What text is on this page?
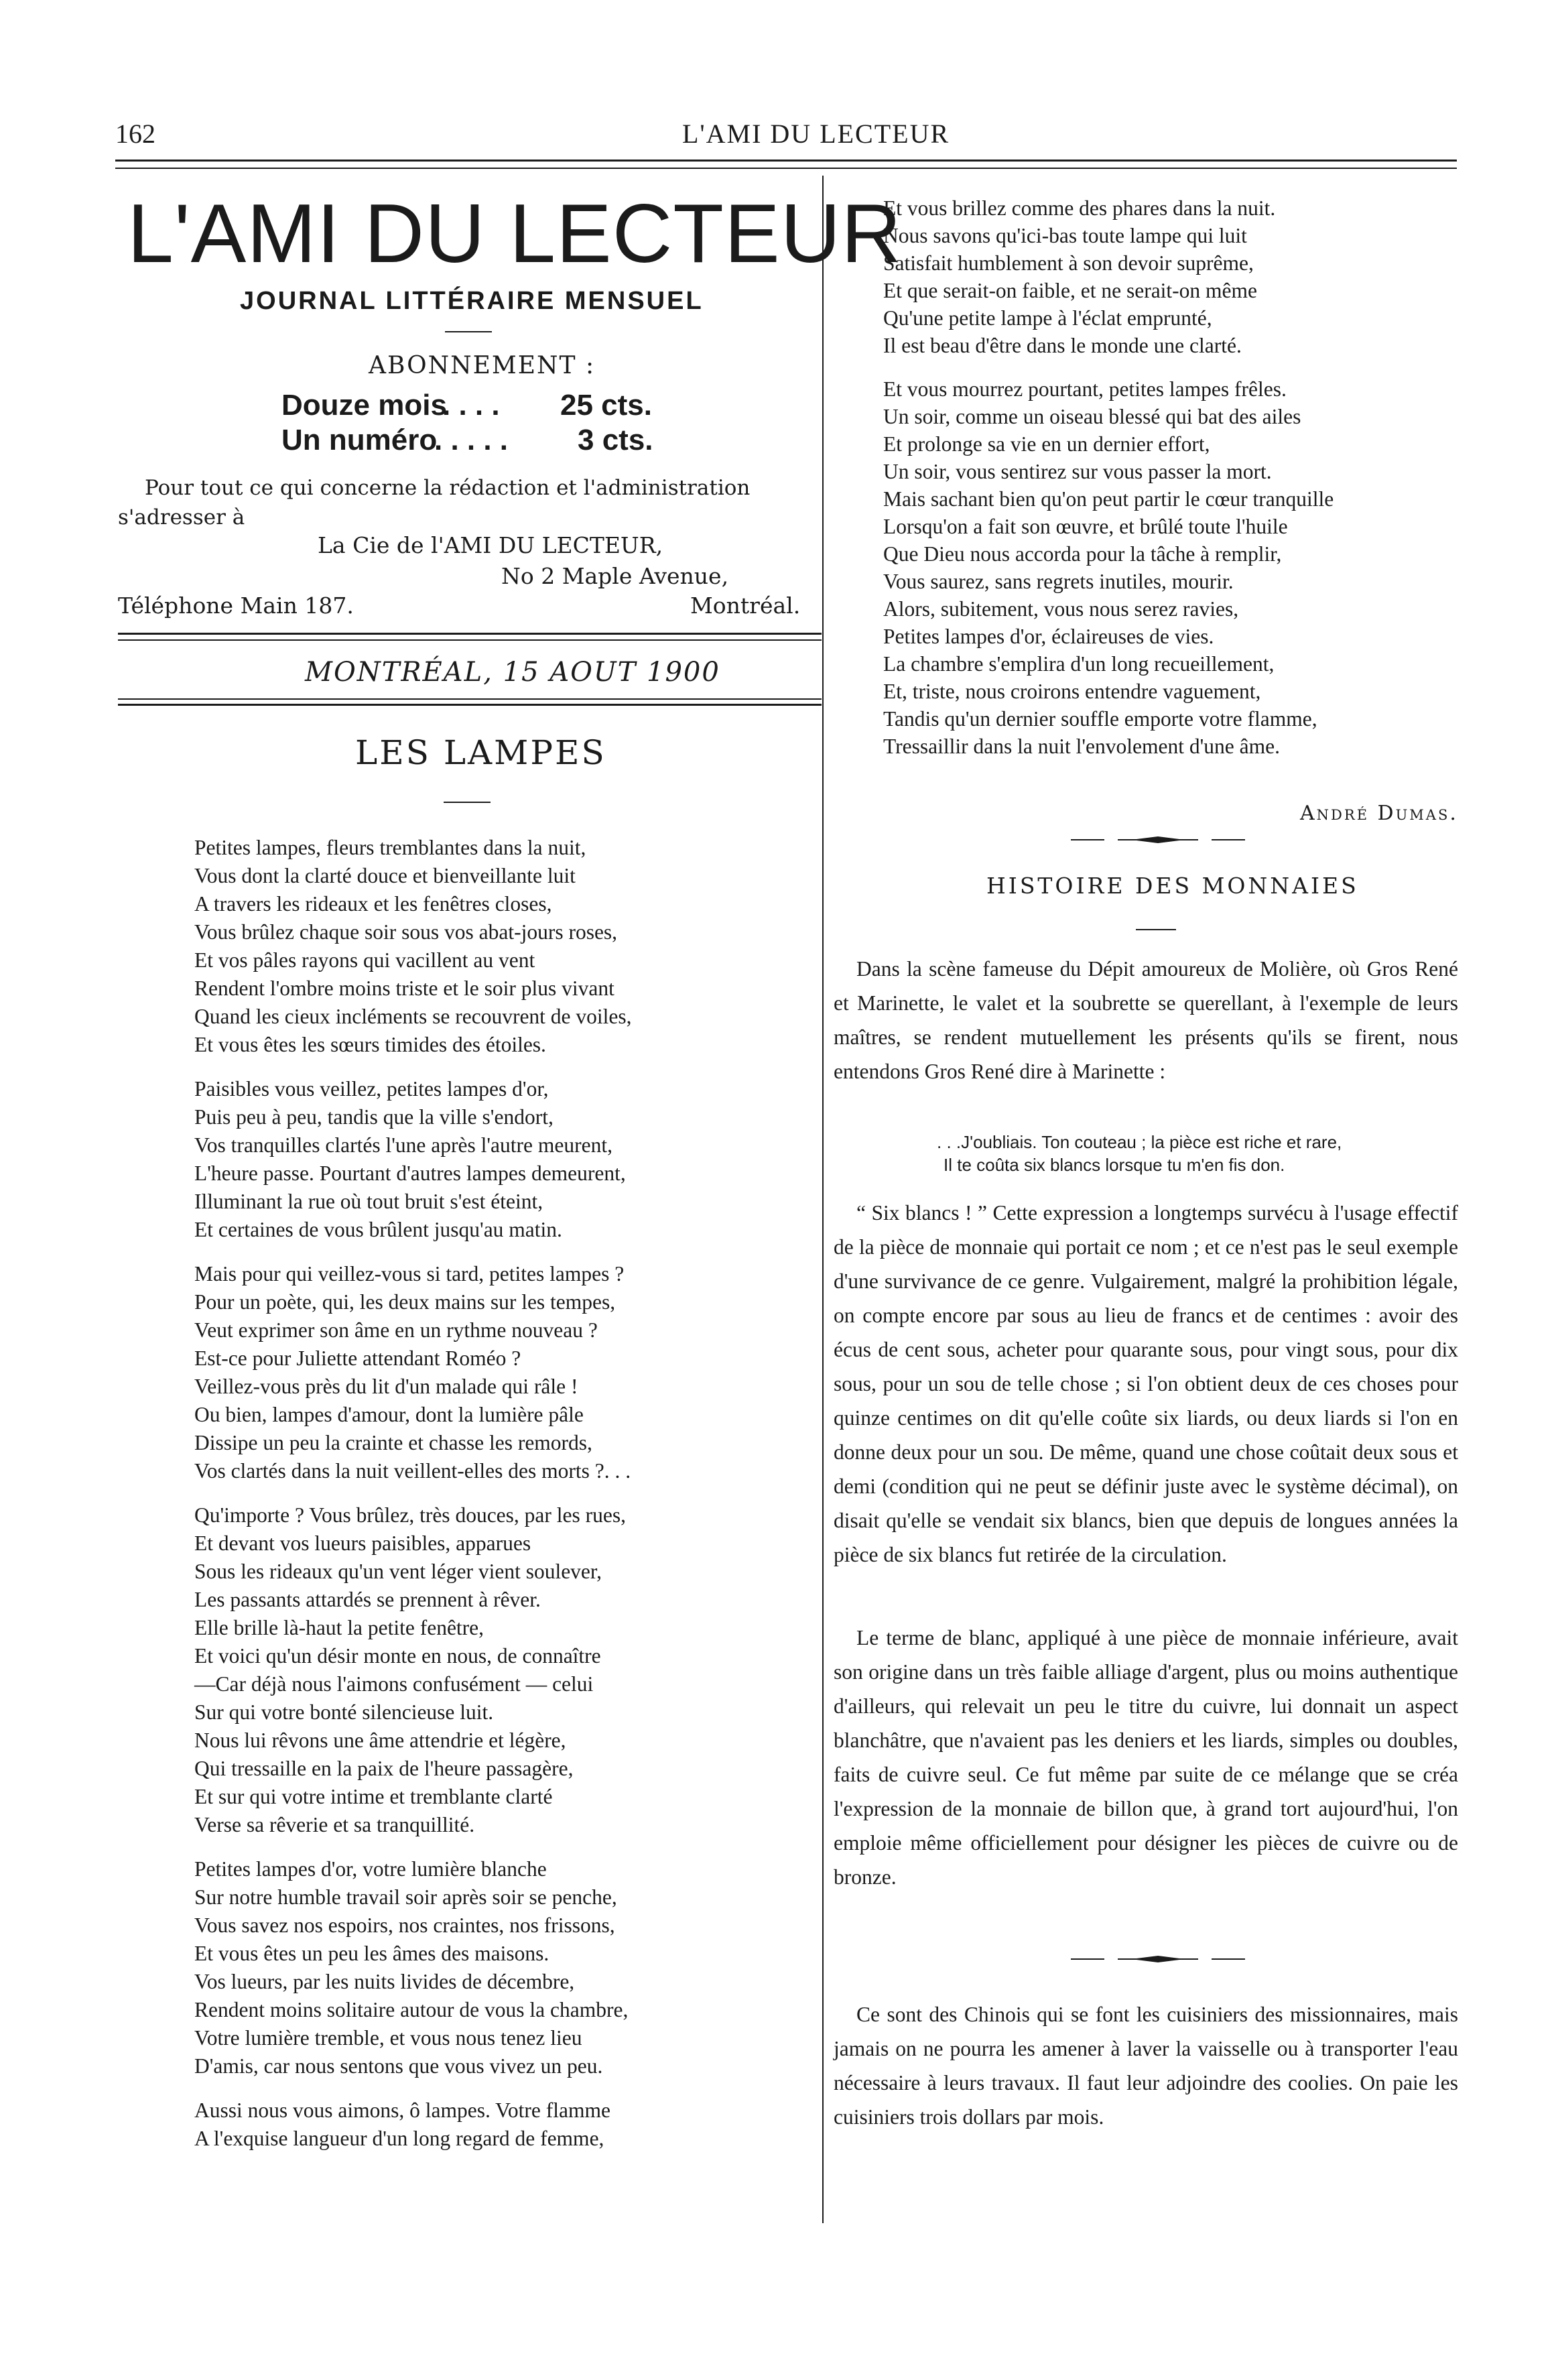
162	L'AMI DU LECTEUR
L'AMI DU LECTEUR
JOURNAL LITTÉRAIRE MENSUEL
ABONNEMENT :
Douze mois
. . . . 25 cts.
Un numéro
. . . . . 3 cts.
Pour tout ce qui concerne la rédaction et l'administration s'adresser à
La Cie de l'AMI DU LECTEUR,
No 2 Maple Avenue,
Téléphone Main 187.	Montréal.
MONTRÉAL, 15 AOUT 1900
LES LAMPES
Petites lampes, fleurs tremblantes dans la nuit,
Vous dont la clarté douce et bienveillante luit
A travers les rideaux et les fenêtres closes,
Vous brûlez chaque soir sous vos abat-jours roses,
Et vos pâles rayons qui vacillent au vent
Rendent l'ombre moins triste et le soir plus vivant
Quand les cieux incléments se recouvrent de voiles,
Et vous êtes les sœurs timides des étoiles.
Paisibles vous veillez, petites lampes d'or,
Puis peu à peu, tandis que la ville s'endort,
Vos tranquilles clartés l'une après l'autre meurent,
L'heure passe. Pourtant d'autres lampes demeurent,
Illuminant la rue où tout bruit s'est éteint,
Et certaines de vous brûlent jusqu'au matin.
Mais pour qui veillez-vous si tard, petites lampes ?
Pour un poète, qui, les deux mains sur les tempes,
Veut exprimer son âme en un rythme nouveau ?
Est-ce pour Juliette attendant Roméo ?
Veillez-vous près du lit d'un malade qui râle !
Ou bien, lampes d'amour, dont la lumière pâle
Dissipe un peu la crainte et chasse les remords,
Vos clartés dans la nuit veillent-elles des morts ?. . .
Qu'importe ? Vous brûlez, très douces, par les rues,
Et devant vos lueurs paisibles, apparues
Sous les rideaux qu'un vent léger vient soulever,
Les passants attardés se prennent à rêver.
Elle brille là-haut la petite fenêtre,
Et voici qu'un désir monte en nous, de connaître
—Car déjà nous l'aimons confusément — celui
Sur qui votre bonté silencieuse luit.
Nous lui rêvons une âme attendrie et légère,
Qui tressaille en la paix de l'heure passagère,
Et sur qui votre intime et tremblante clarté
Verse sa rêverie et sa tranquillité.
Petites lampes d'or, votre lumière blanche
Sur notre humble travail soir après soir se penche,
Vous savez nos espoirs, nos craintes, nos frissons,
Et vous êtes un peu les âmes des maisons.
Vos lueurs, par les nuits livides de décembre,
Rendent moins solitaire autour de vous la chambre,
Votre lumière tremble, et vous nous tenez lieu
D'amis, car nous sentons que vous vivez un peu.
Aussi nous vous aimons, ô lampes. Votre flamme
A l'exquise langueur d'un long regard de femme,
Et vous brillez comme des phares dans la nuit.
Nous savons qu'ici-bas toute lampe qui luit
Satisfait humblement à son devoir suprême,
Et que serait-on faible, et ne serait-on même
Qu'une petite lampe à l'éclat emprunté,
Il est beau d'être dans le monde une clarté.
Et vous mourrez pourtant, petites lampes frêles.
Un soir, comme un oiseau blessé qui bat des ailes
Et prolonge sa vie en un dernier effort,
Un soir, vous sentirez sur vous passer la mort.
Mais sachant bien qu'on peut partir le cœur tranquille
Lorsqu'on a fait son œuvre, et brûlé toute l'huile
Que Dieu nous accorda pour la tâche à remplir,
Vous saurez, sans regrets inutiles, mourir.
Alors, subitement, vous nous serez ravies,
Petites lampes d'or, éclaireuses de vies.
La chambre s'emplira d'un long recueillement,
Et, triste, nous croirons entendre vaguement,
Tandis qu'un dernier souffle emporte votre flamme,
Tressaillir dans la nuit l'envolement d'une âme.
André Dumas.
HISTOIRE DES MONNAIES

Dans la scène fameuse du Dépit amoureux de Molière, où Gros René et Marinette, le valet et la soubrette se querellant, à l'exemple de leurs maîtres, se rendent mutuellement les présents qu'ils se firent, nous entendons Gros René dire à Marinette :

. . .J'oubliais. Ton couteau ; la pièce est riche et rare,
Il te coûta six blancs lorsque tu m'en fis don.

“ Six blancs ! ” Cette expression a longtemps survécu à l'usage effectif de la pièce de monnaie qui portait ce nom ; et ce n'est pas le seul exemple d'une survivance de ce genre. Vulgairement, malgré la prohibition légale, on compte encore par sous au lieu de francs et de centimes : avoir des écus de cent sous, acheter pour quarante sous, pour vingt sous, pour dix sous, pour un sou de telle chose ; si l'on obtient deux de ces choses pour quinze centimes on dit qu'elle coûte six liards, ou deux liards si l'on en donne deux pour un sou. De même, quand une chose coûtait deux sous et demi (condition qui ne peut se définir juste avec le système décimal), on disait qu'elle se vendait six blancs, bien que depuis de longues années la pièce de six blancs fut retirée de la circulation.

Le terme de blanc, appliqué à une pièce de monnaie inférieure, avait son origine dans un très faible alliage d'argent, plus ou moins authentique d'ailleurs, qui relevait un peu le titre du cuivre, lui donnait un aspect blanchâtre, que n'avaient pas les deniers et les liards, simples ou doubles, faits de cuivre seul. Ce fut même par suite de ce mélange que se créa l'expression de la monnaie de billon que, à grand tort aujourd'hui, l'on emploie même officiellement pour désigner les pièces de cuivre ou de bronze.

Ce sont des Chinois qui se font les cuisiniers des missionnaires, mais jamais on ne pourra les amener à laver la vaisselle ou à transporter l'eau nécessaire à leurs travaux. Il faut leur adjoindre des coolies. On paie les cuisiniers trois dollars par mois.
